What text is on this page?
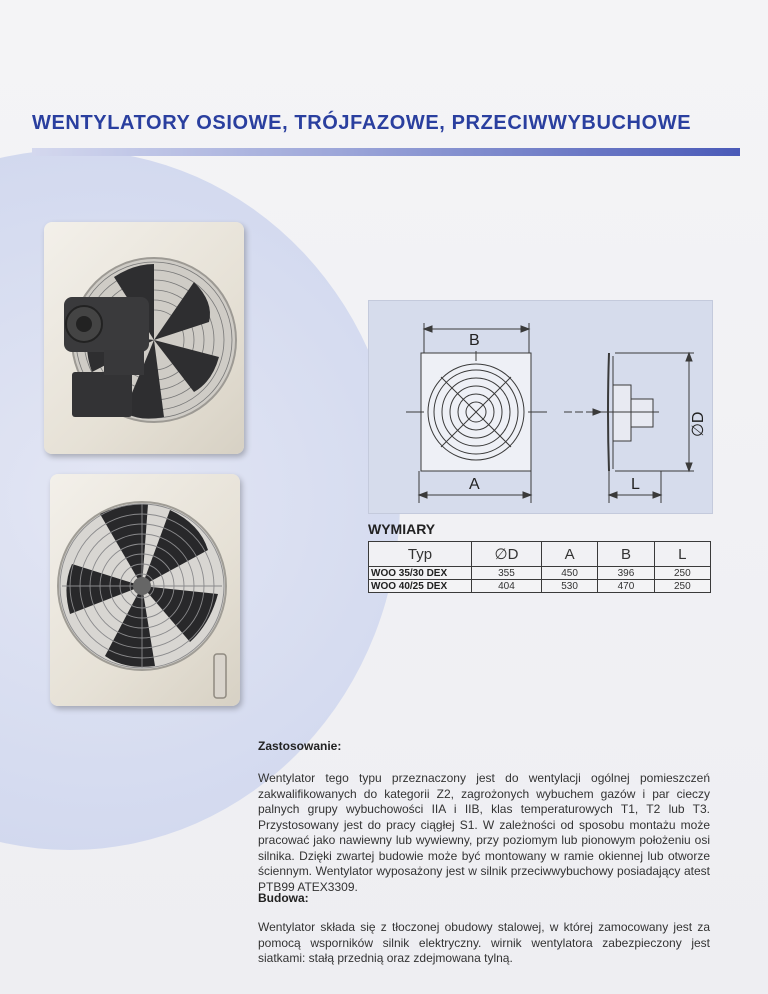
WENTYLATORY OSIOWE, TRÓJFAZOWE, PRZECIWWYBUCHOWE
B
A	L
∅D
WYMIARY
Typ	∅D	A	B	L
WOO 35/30 DEX	355	450	396	250
WOO 40/25 DEX	404	530	470	250
Zastosowanie:
Wentylator tego typu przeznaczony jest do wentylacji ogólnej pomieszczeń zakwalifikowanych do kategorii Z2, zagrożonych wybuchem gazów i par cieczy palnych grupy wybuchowości IIA i IIB, klas temperaturowych T1, T2 lub T3. Przystosowany jest do pracy ciągłej S1. W zależności od sposobu montażu może pracować jako nawiewny lub wywiewny, przy poziomym lub pionowym położeniu osi silnika. Dzięki zwartej budowie może być montowany w ramie okiennej lub otworze ściennym. Wentylator wyposażony jest w silnik przeciwwybuchowy posiadający atest PTB99 ATEX3309.
Budowa:
Wentylator składa się z tłoczonej obudowy stalowej, w której zamocowany jest za pomocą wsporników silnik elektryczny. wirnik wentylatora zabezpieczony jest siatkami: stałą przednią oraz zdejmowana tylną.
